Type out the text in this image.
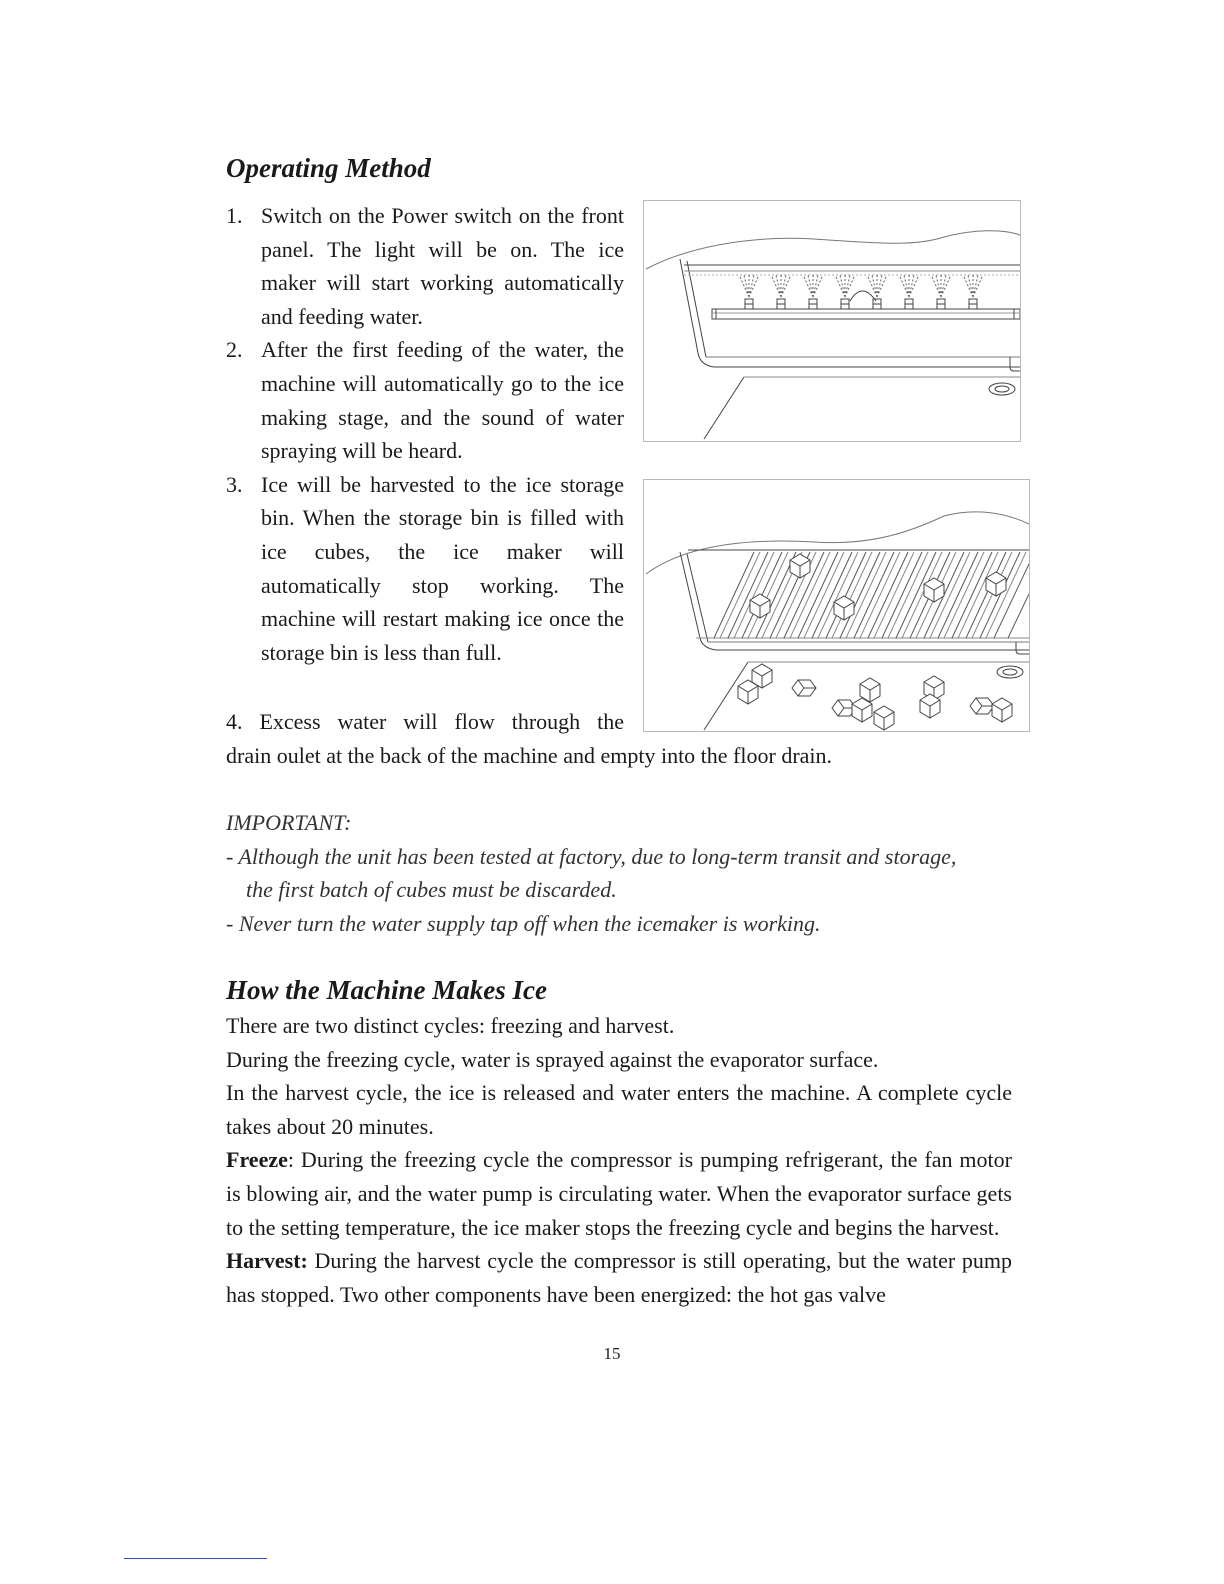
Operating Method
1. Switch on the Power switch on the front panel. The light will be on. The ice maker will start working automatically and feeding water.
2. After the first feeding of the water, the machine will automatically go to the ice making stage, and the sound of water spraying will be heard.
3. Ice will be harvested to the ice storage bin. When the storage bin is filled with ice cubes, the ice maker will automatically stop working. The machine will restart making ice once the storage bin is less than full.
4. Excess water will flow through the
drain oulet at the back of the machine and empty into the floor drain.

IMPORTANT:

- Although the unit has been tested at factory, due to long-term transit and storage,

the first batch of cubes must be discarded.

- Never turn the water supply tap off when the icemaker is working.

How the Machine Makes Ice

There are two distinct cycles: freezing and harvest.

During the freezing cycle, water is sprayed against the evaporator surface.

In the harvest cycle, the ice is released and water enters the machine. A complete cycle takes about 20 minutes.

Freeze: During the freezing cycle the compressor is pumping refrigerant, the fan motor is blowing air, and the water pump is circulating water. When the evaporator surface gets to the setting temperature, the ice maker stops the freezing cycle and begins the harvest.

Harvest: During the harvest cycle the compressor is still operating, but the water pump has stopped. Two other components have been energized: the hot gas valve

15
